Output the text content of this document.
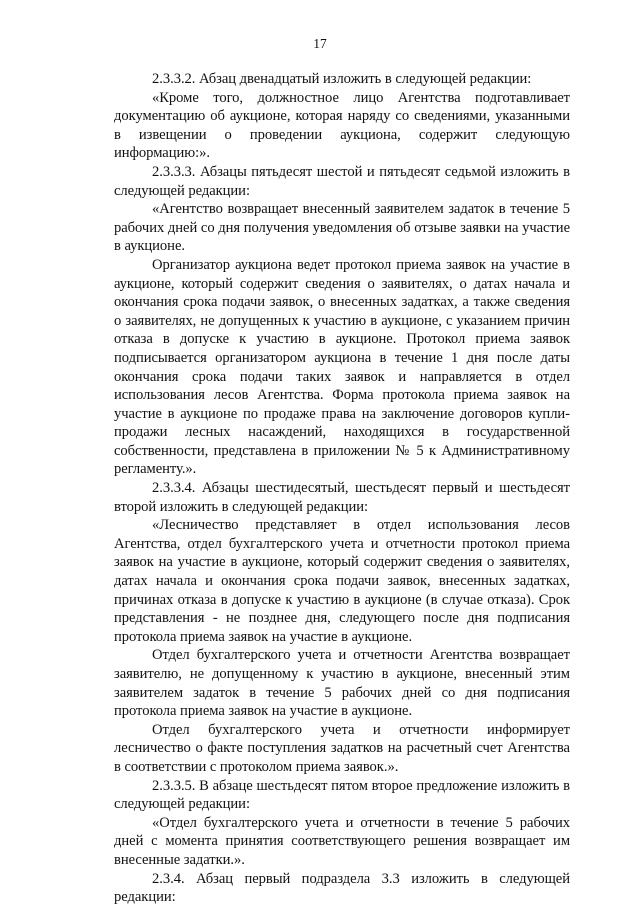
17

2.3.3.2. Абзац двенадцатый изложить в следующей редакции:

«Кроме того, должностное лицо Агентства подготавливает документацию об аукционе, которая наряду со сведениями, указанными в извещении о проведении аукциона, содержит следующую информацию:».

2.3.3.3. Абзацы пятьдесят шестой и пятьдесят седьмой изложить в следующей редакции:

«Агентство возвращает внесенный заявителем задаток в течение 5 рабочих дней со дня получения уведомления об отзыве заявки на участие в аукционе.

Организатор аукциона ведет протокол приема заявок на участие в аукционе, который содержит сведения о заявителях, о датах начала и окончания срока подачи заявок, о внесенных задатках, а также сведения о заявителях, не допущенных к участию в аукционе, с указанием причин отказа в допуске к участию в аукционе. Протокол приема заявок подписывается организатором аукциона в течение 1 дня после даты окончания срока подачи таких заявок и направляется в отдел использования лесов Агентства. Форма протокола приема заявок на участие в аукционе по продаже права на заключение договоров купли-продажи лесных насаждений, находящихся в государственной собственности, представлена в приложении № 5 к Административному регламенту.».

2.3.3.4. Абзацы шестидесятый, шестьдесят первый и шестьдесят второй изложить в следующей редакции:

«Лесничество представляет в отдел использования лесов Агентства, отдел бухгалтерского учета и отчетности протокол приема заявок на участие в аукционе, который содержит сведения о заявителях, датах начала и окончания срока подачи заявок, внесенных задатках, причинах отказа в допуске к участию в аукционе (в случае отказа). Срок представления - не позднее дня, следующего после дня подписания протокола приема заявок на участие в аукционе.

Отдел бухгалтерского учета и отчетности Агентства возвращает заявителю, не допущенному к участию в аукционе, внесенный этим заявителем задаток в течение 5 рабочих дней со дня подписания протокола приема заявок на участие в аукционе.

Отдел бухгалтерского учета и отчетности информирует лесничество о факте поступления задатков на расчетный счет Агентства в соответствии с протоколом приема заявок.».

2.3.3.5. В абзаце шестьдесят пятом второе предложение изложить в следующей редакции:

«Отдел бухгалтерского учета и отчетности в течение 5 рабочих дней с момента принятия соответствующего решения возвращает им внесенные задатки.».

2.3.4. Абзац первый подраздела 3.3 изложить в следующей редакции:
